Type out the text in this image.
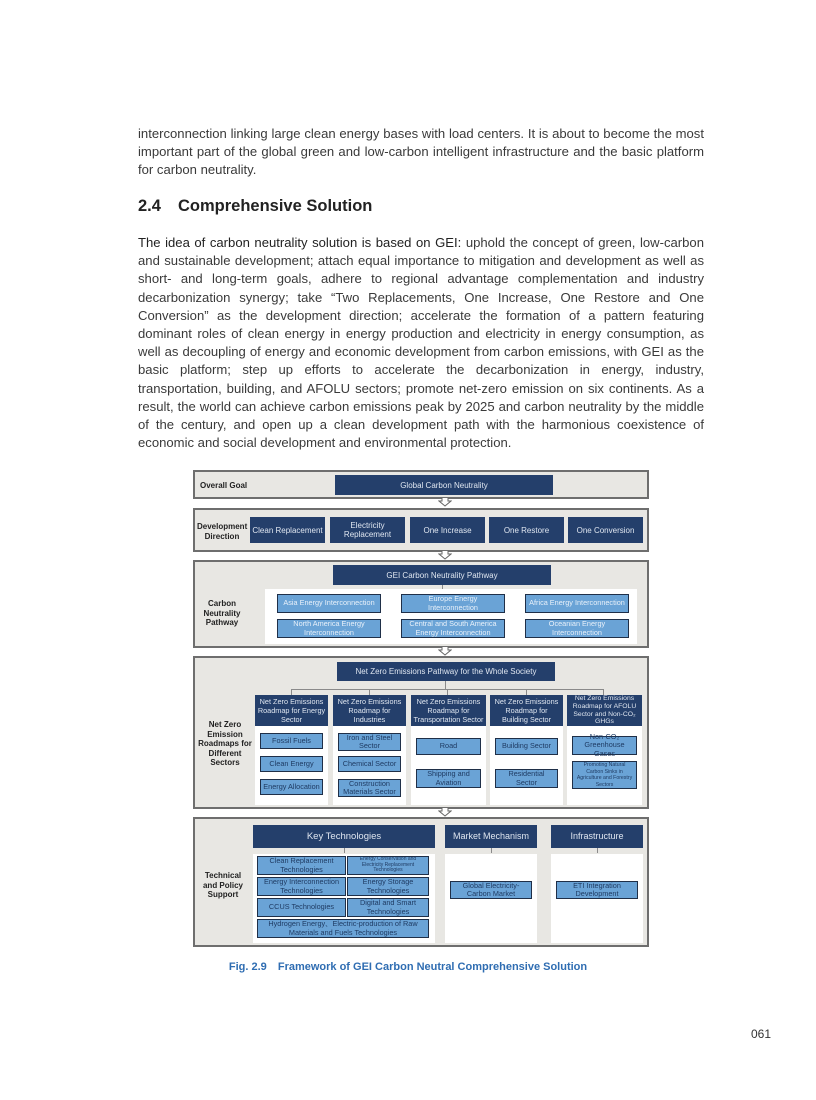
interconnection linking large clean energy bases with load centers. It is about to become the most important part of the global green and low-carbon intelligent infrastructure and the basic platform for carbon neutrality.

2.4 Comprehensive Solution

The idea of carbon neutrality solution is based on GEI: uphold the concept of green, low-carbon and sustainable development; attach equal importance to mitigation and development as well as short- and long-term goals, adhere to regional advantage complementation and industry decarbonization synergy; take “Two Replacements, One Increase, One Restore and One Conversion” as the development direction; accelerate the formation of a pattern featuring dominant roles of clean energy in energy production and electricity in energy consumption, as well as decoupling of energy and economic development from carbon emissions, with GEI as the basic platform; step up efforts to accelerate the decarbonization in energy, industry, transportation, building, and AFOLU sectors; promote net-zero emission on six continents. As a result, the world can achieve carbon emissions peak by 2025 and carbon neutrality by the middle of the century, and open up a clean development path with the harmonious coexistence of economic and social development and environmental protection.

Overall Goal	Global Carbon Neutrality
Development Direction
Clean Replacement	Electricity Replacement	One Increase	One Restore	One Conversion
Carbon Neutrality Pathway
GEI Carbon Neutrality Pathway
Asia Energy Interconnection	Europe Energy Interconnection	Africa Energy Interconnection
North America Energy Interconnection
Central and South America Energy Interconnection
Oceanian Energy Interconnection
Net Zero Emission Roadmaps for Different Sectors
Net Zero Emissions Pathway for the Whole Society
Net Zero Emissions Roadmap for Energy Sector
Fossil Fuels
Clean Energy
Energy Allocation
Net Zero Emissions Roadmap for Industries
Iron and Steel Sector
Chemical Sector
Construction Materials Sector
Net Zero Emissions Roadmap for Transportation Sector
Road
Shipping and Aviation
Net Zero Emissions Roadmap for Building Sector
Building Sector
Residential Sector
Net Zero Emissions Roadmap for AFOLU Sector and Non-CO₂ GHGs
Non-CO₂ Greenhouse Gases
Promoting Natural Carbon Sinks in Agriculture and Forestry Sectors
Technical and Policy Support
Key Technologies
Clean Replacement Technologies
Energy Conservation and Electricity Replacement Technologies
Energy Interconnection Technologies
Energy Storage Technologies
CCUS Technologies	Digital and Smart Technologies
Hydrogen Energy、Electric-production of Raw Materials and Fuels Technologies
Market Mechanism
Global Electricity-Carbon Market
Infrastructure
ETI Integration Development
Fig. 2.9 Framework of GEI Carbon Neutral Comprehensive Solution
061
